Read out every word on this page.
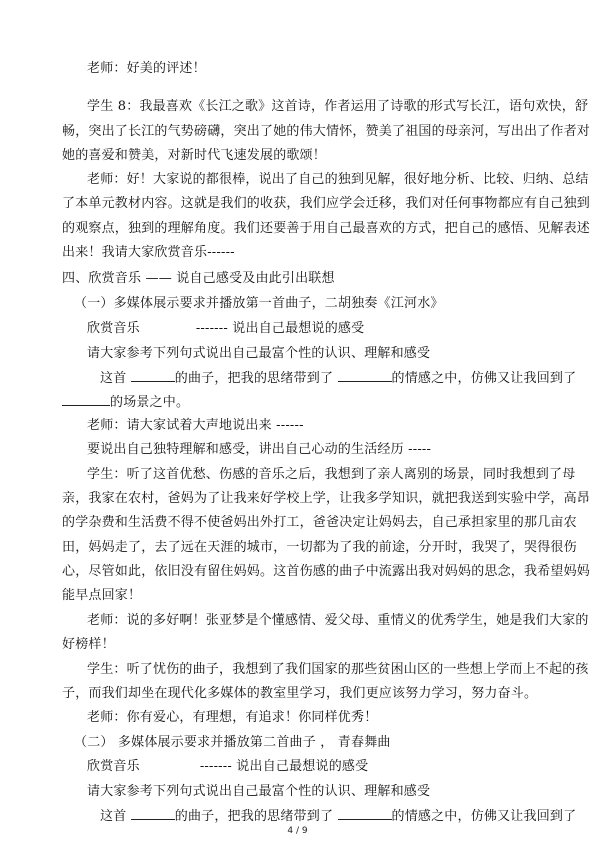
老师：好美的评述！
学生 8：我最喜欢《长江之歌》这首诗，作者运用了诗歌的形式写长江，语句欢快，舒
畅，突出了长江的气势磅礴，突出了她的伟大情怀，赞美了祖国的母亲河，写出出了作者对
她的喜爱和赞美，对新时代飞速发展的歌颂！
老师：好！大家说的都很棒，说出了自己的独到见解，很好地分析、比较、归纳、总结
了本单元教材内容。这就是我们的收获，我们应学会迁移，我们对任何事物都应有自己独到
的观察点，独到的理解角度。我们还要善于用自己最喜欢的方式，把自己的感悟、见解表述
出来！我请大家欣赏音乐------
四、欣赏音乐 —— 说自己感受及由此引出联想
（一）多媒体展示要求并播放第一首曲子，二胡独奏《江河水》
欣赏音乐	------- 说出自己最想说的感受
请大家参考下列句式说出自己最富个性的认识、理解和感受
这首	的曲子，把我的思绪带到了	的情感之中，仿佛又让我回到了
的场景之中。
老师：请大家试着大声地说出来 ------
要说出自己独特理解和感受，讲出自己心动的生活经历 -----
学生：听了这首优愁、伤感的音乐之后，我想到了亲人离别的场景，同时我想到了母
亲，我家在农村，爸妈为了让我来好学校上学，让我多学知识，就把我送到实验中学，高昂
的学杂费和生活费不得不使爸妈出外打工，爸爸决定让妈妈去，自己承担家里的那几亩农
田，妈妈走了，去了远在天涯的城市，一切都为了我的前途，分开时，我哭了，哭得很伤
心，尽管如此，依旧没有留住妈妈。这首伤感的曲子中流露出我对妈妈的思念，我希望妈妈
能早点回家！
老师：说的多好啊！张亚梦是个懂感情、爱父母、重情义的优秀学生，她是我们大家的
好榜样！
学生：听了忧伤的曲子，我想到了我们国家的那些贫困山区的一些想上学而上不起的孩
子，而我们却坐在现代化多媒体的教室里学习，我们更应该努力学习，努力奋斗。
老师：你有爱心，有理想，有追求！你同样优秀！
（二） 多媒体展示要求并播放第二首曲子 ， 青春舞曲
欣赏音乐	------- 说出自己最想说的感受
请大家参考下列句式说出自己最富个性的认识、理解和感受
这首	的曲子，把我的思绪带到了	的情感之中，仿佛又让我回到了
4 / 9
